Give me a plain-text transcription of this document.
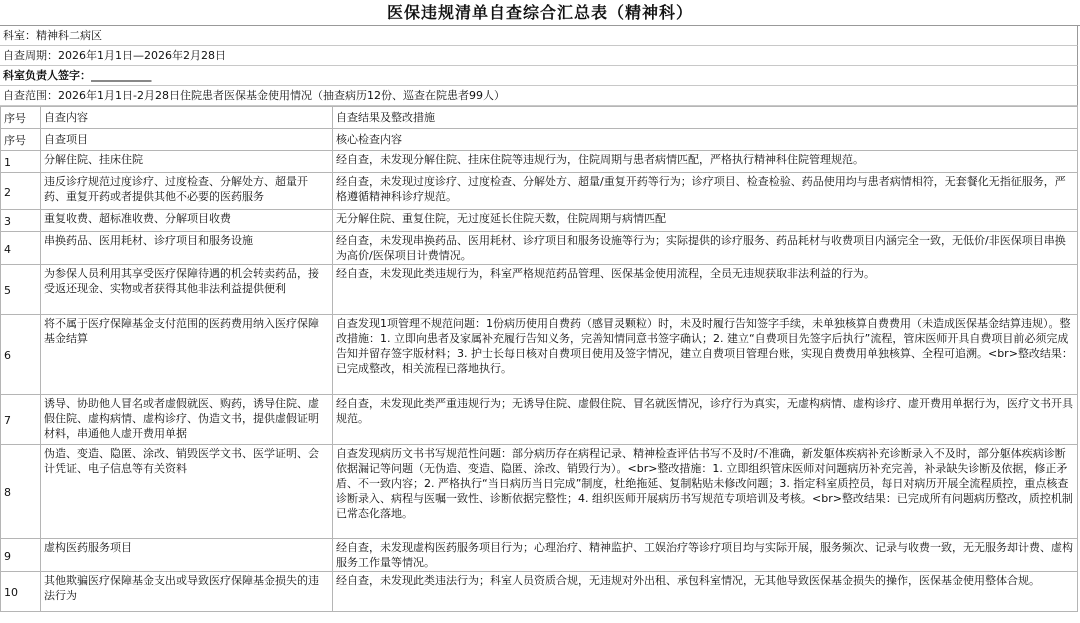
医保违规清单自查综合汇总表（精神科）
科室：精神科二病区
自查周期：2026年1月1日—2026年2月28日
科室负责人签字：___________
自查范围：2026年1月1日-2月28日住院患者医保基金使用情况（抽查病历12份、巡查在院患者99人）
序号	自查内容	自查结果及整改措施
序号	自查项目	核心检查内容
1	分解住院、挂床住院	经自查，未发现分解住院、挂床住院等违规行为，住院周期与患者病情匹配，严格执行精神科住院管理规范。
2	违反诊疗规范过度诊疗、过度检查、分解处方、超量开药、重复开药或者提供其他不必要的医药服务	经自查，未发现过度诊疗、过度检查、分解处方、超量/重复开药等行为；诊疗项目、检查检验、药品使用均与患者病情相符，无套餐化无指征服务，严格遵循精神科诊疗规范。
3	重复收费、超标准收费、分解项目收费	无分解住院、重复住院，无过度延长住院天数，住院周期与病情匹配
4	串换药品、医用耗材、诊疗项目和服务设施	经自查，未发现串换药品、医用耗材、诊疗项目和服务设施等行为；实际提供的诊疗服务、药品耗材与收费项目内涵完全一致，无低价/非医保项目串换为高价/医保项目计费情况。
5	为参保人员利用其享受医疗保障待遇的机会转卖药品，接受返还现金、实物或者获得其他非法利益提供便利	经自查，未发现此类违规行为，科室严格规范药品管理、医保基金使用流程，全员无违规获取非法利益的行为。
6	将不属于医疗保障基金支付范围的医药费用纳入医疗保障基金结算	自查发现1项管理不规范问题：1份病历使用自费药（感冒灵颗粒）时，未及时履行告知签字手续，未单独核算自费费用（未造成医保基金结算违规）。整改措施：1. 立即向患者及家属补充履行告知义务，完善知情同意书签字确认；2. 建立“自费项目先签字后执行”流程，管床医师开具自费项目前必须完成告知并留存签字版材料；3. 护士长每日核对自费项目使用及签字情况，建立自费项目管理台账，实现自费费用单独核算、全程可追溯。<br>整改结果：已完成整改，相关流程已落地执行。
7	诱导、协助他人冒名或者虚假就医、购药，诱导住院、虚假住院、虚构病情、虚构诊疗、伪造文书，提供虚假证明材料，串通他人虚开费用单据	经自查，未发现此类严重违规行为；无诱导住院、虚假住院、冒名就医情况，诊疗行为真实，无虚构病情、虚构诊疗、虚开费用单据行为，医疗文书开具规范。
8	伪造、变造、隐匿、涂改、销毁医学文书、医学证明、会计凭证、电子信息等有关资料	自查发现病历文书书写规范性问题：部分病历存在病程记录、精神检查评估书写不及时/不准确，新发躯体疾病补充诊断录入不及时，部分躯体疾病诊断依据漏记等问题（无伪造、变造、隐匿、涂改、销毁行为）。<br>整改措施：1. 立即组织管床医师对问题病历补充完善，补录缺失诊断及依据，修正矛盾、不一致内容；2. 严格执行“当日病历当日完成”制度，杜绝拖延、复制粘贴未修改问题；3. 指定科室质控员，每日对病历开展全流程质控，重点核查诊断录入、病程与医嘱一致性、诊断依据完整性；4. 组织医师开展病历书写规范专项培训及考核。<br>整改结果：已完成所有问题病历整改，质控机制已常态化落地。
9	虚构医药服务项目	经自查，未发现虚构医药服务项目行为；心理治疗、精神监护、工娱治疗等诊疗项目均与实际开展，服务频次、记录与收费一致，无无服务却计费、虚构服务工作量等情况。
10	其他欺骗医疗保障基金支出或导致医疗保障基金损失的违法行为	经自查，未发现此类违法行为；科室人员资质合规，无违规对外出租、承包科室情况，无其他导致医保基金损失的操作，医保基金使用整体合规。
